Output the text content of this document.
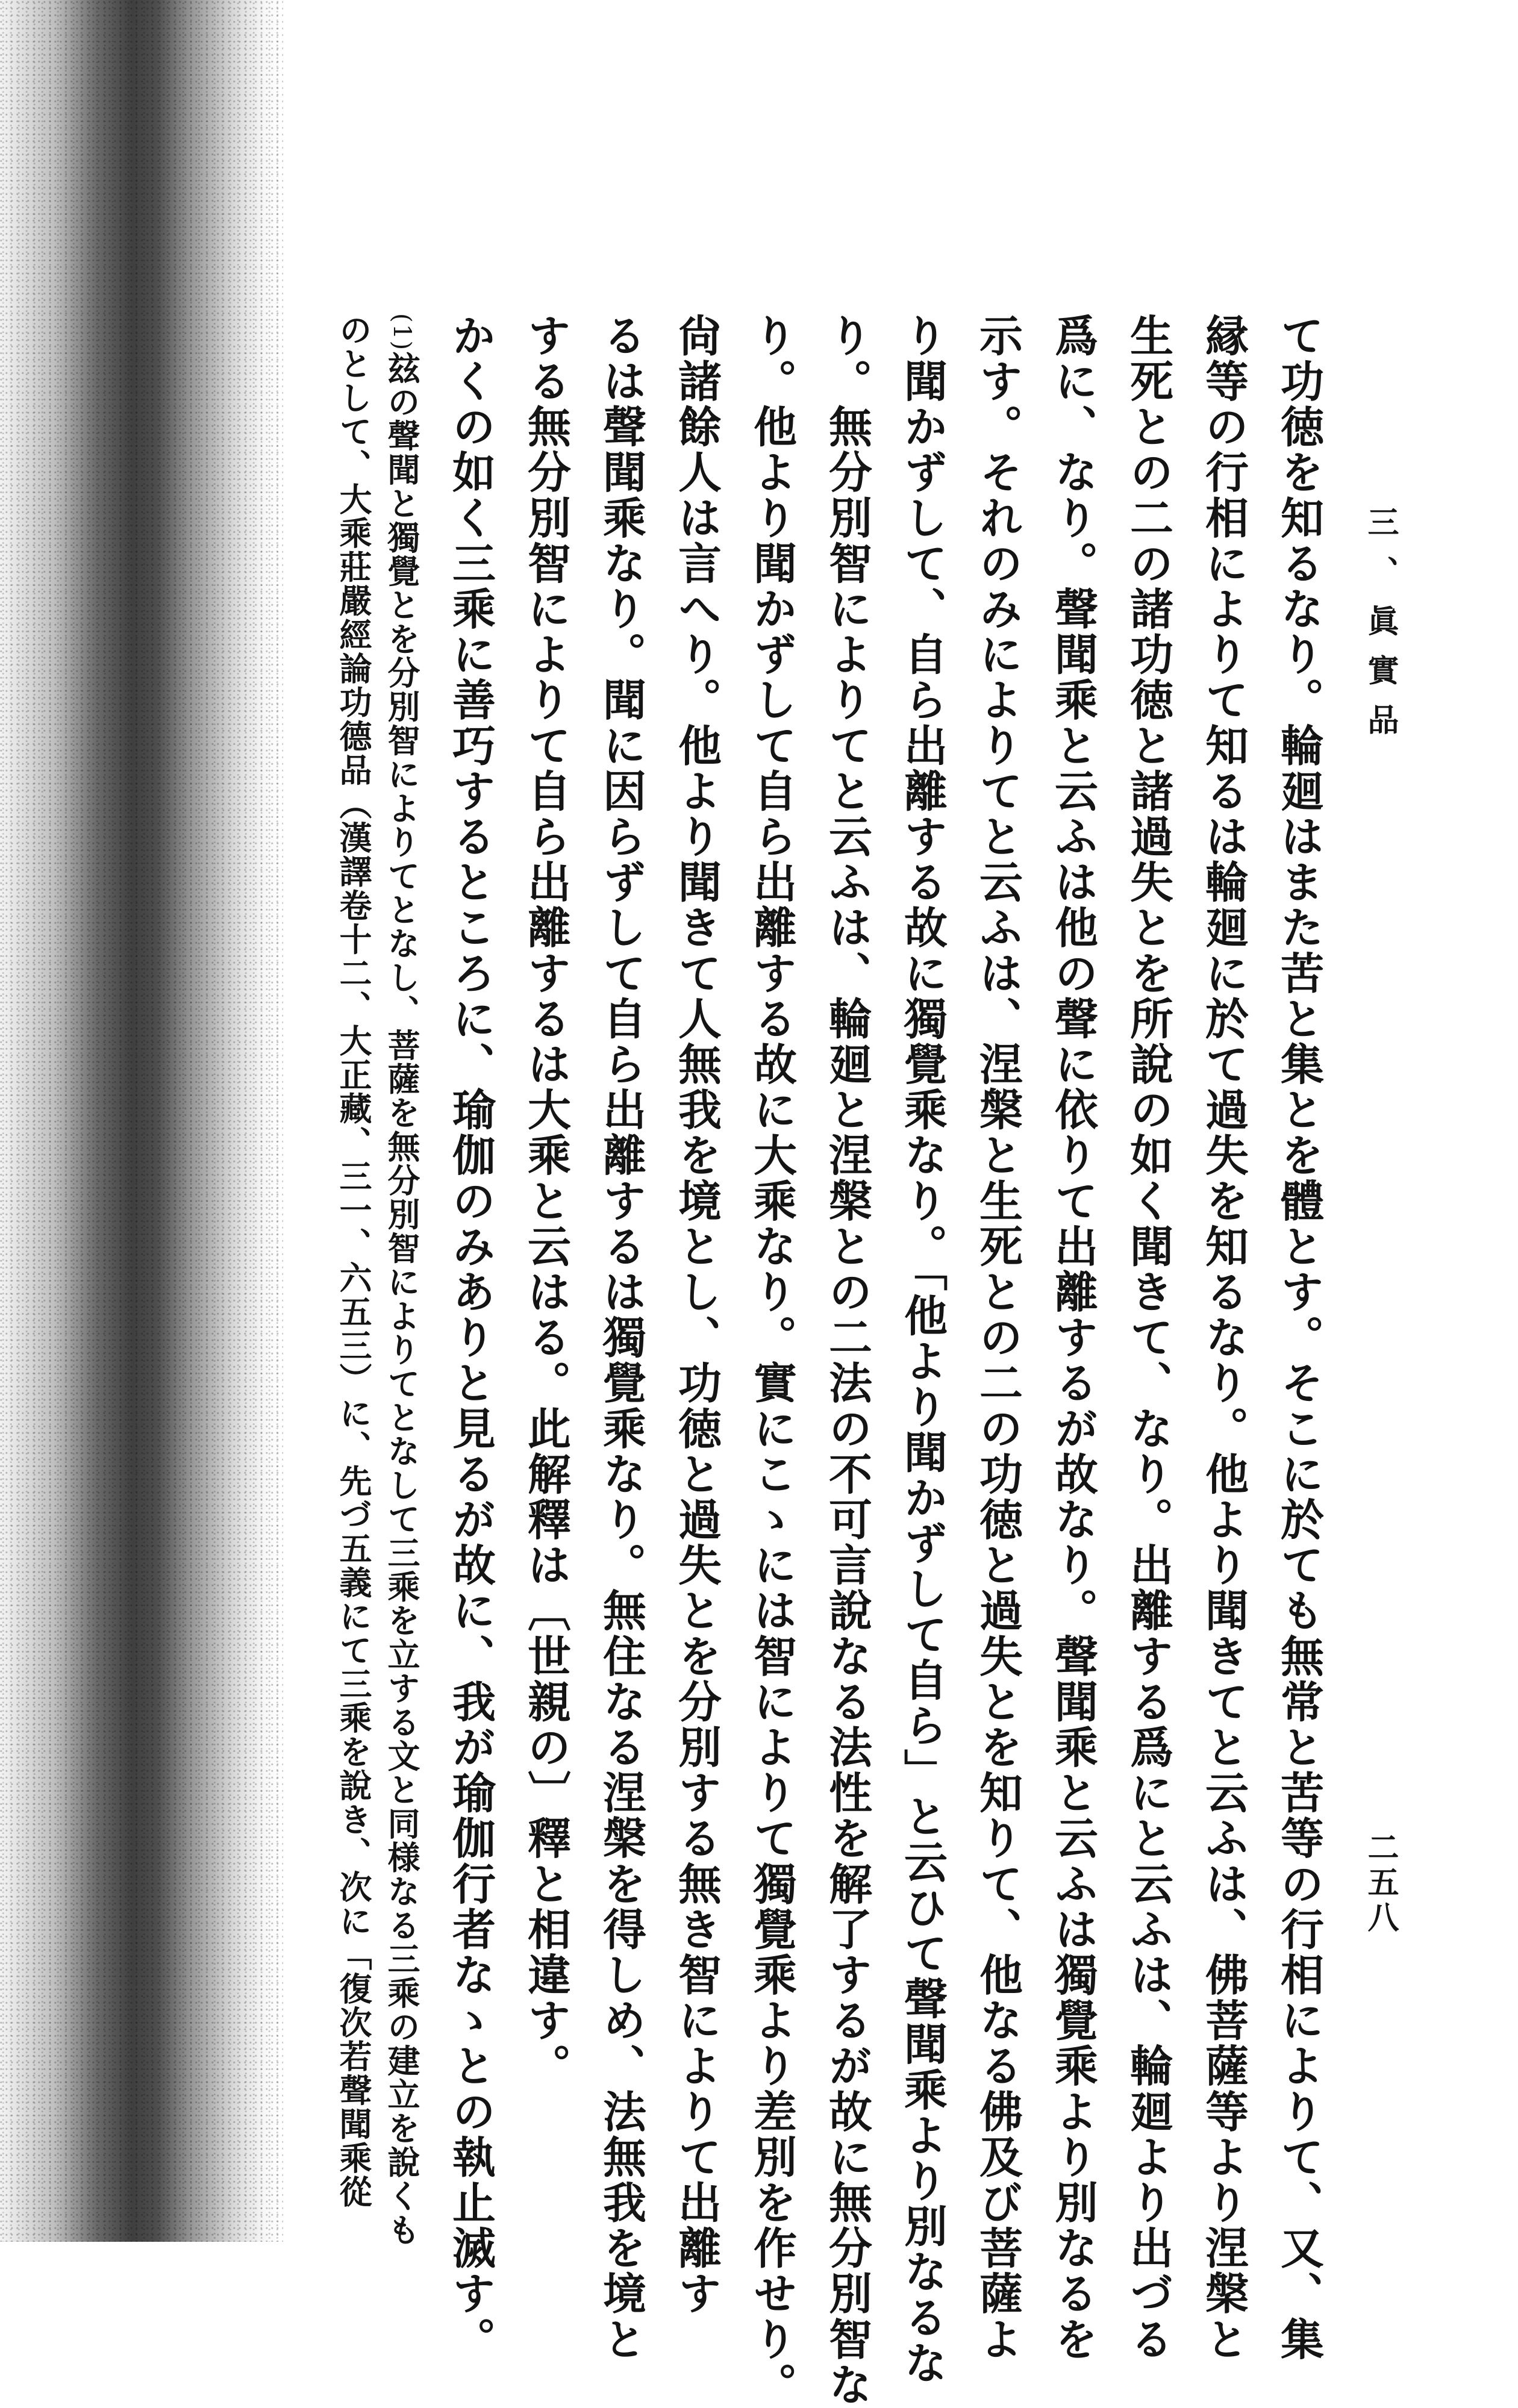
三、眞實品
二五八
て功徳を知るなり。輪廻はまた苦と集とを體とす。そこに於ても無常と苦等の行相によりて、又、集
縁等の行相によりて知るは輪廻に於て過失を知るなり。他より聞きてと云ふは、佛菩薩等より涅槃と
生死との二の諸功徳と諸過失とを所說の如く聞きて、なり。出離する爲にと云ふは、輪廻より出づる
爲に、なり。聲聞乘と云ふは他の聲に依りて出離するが故なり。聲聞乘と云ふは獨覺乘より別なるを
示す。それのみによりてと云ふは、涅槃と生死との二の功徳と過失とを知りて、他なる佛及び菩薩よ
り聞かずして、自ら出離する故に獨覺乘なり。「他より聞かずして自ら」と云ひて聲聞乘より別なるな
り。無分別智によりてと云ふは、輪廻と涅槃との二法の不可言說なる法性を解了するが故に無分別智な
り。他より聞かずして自ら出離する故に大乘なり。實にこゝには智によりて獨覺乘より差別を作せり。
尙諸餘人は言へり。他より聞きて人無我を境とし、功徳と過失とを分別する無き智によりて出離す
るは聲聞乘なり。聞に因らずして自ら出離するは獨覺乘なり。無住なる涅槃を得しめ、法無我を境と
する無分別智によりて自ら出離するは大乘と云はる。此解釋は〔世親の〕釋と相違す。
かくの如く三乘に善巧するところに、瑜伽のみありと見るが故に、我が瑜伽行者なゝとの執止滅す。
(1)玆の聲聞と獨覺とを分別智によりてとなし、菩薩を無分別智によりてとなして三乘を立する文と同様なる三乘の建立を說くも
のとして、大乘莊嚴經論功德品（漢譯卷十二、大正藏、三一、六五三）に、先づ五義にて三乘を說き、次に「復次若聲聞乘從
